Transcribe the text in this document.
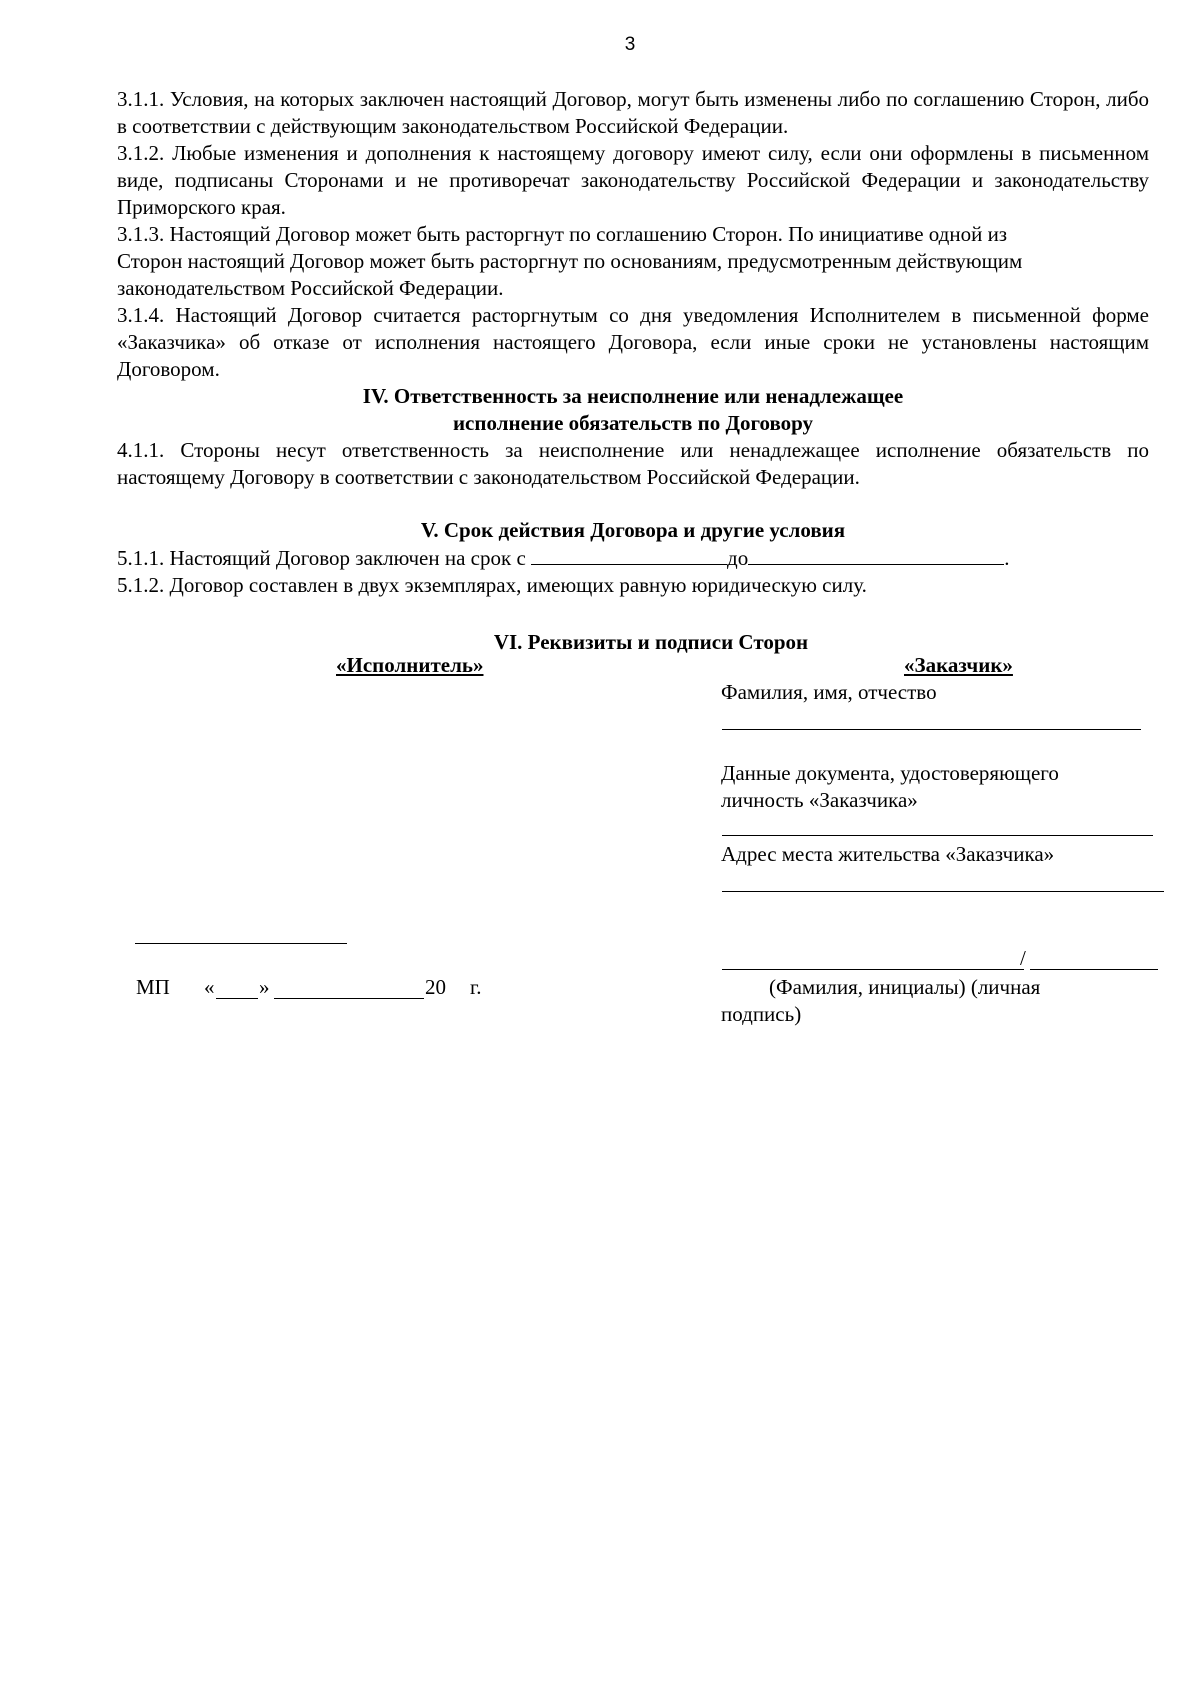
3

3.1.1. Условия, на которых заключен настоящий Договор, могут быть изменены либо по соглашению Сторон, либо в соответствии с действующим законодательством Российской Федерации.

3.1.2. Любые изменения и дополнения к настоящему договору имеют силу, если они оформлены в письменном виде, подписаны Сторонами и не противоречат законодательству Российской Федерации и законодательству Приморского края.

3.1.3. Настоящий Договор может быть расторгнут по соглашению Сторон. По инициативе одной из

Сторон настоящий Договор может быть расторгнут по основаниям, предусмотренным действующим

законодательством Российской Федерации.

3.1.4. Настоящий Договор считается расторгнутым со дня уведомления Исполнителем в письменной форме «Заказчика» об отказе от исполнения настоящего Договора, если иные сроки не установлены настоящим Договором.

IV. Ответственность за неисполнение или ненадлежащее

исполнение обязательств по Договору

4.1.1. Стороны несут ответственность за неисполнение или ненадлежащее исполнение обязательств по настоящему Договору в соответствии с законодательством Российской Федерации.

V. Срок действия Договора и другие условия

5.1.1. Настоящий Договор заключен на срок с	до	.

5.1.2. Договор составлен в двух экземплярах, имеющих равную юридическую силу.

VI. Реквизиты и подписи Сторон

«Исполнитель»	«Заказчик»
Фамилия, имя, отчество
Данные документа, удостоверяющего
личность «Заказчика»
Адрес места жительства «Заказчика»
МП « »	20 г.
/
(Фамилия, инициалы) (личная
подпись)
